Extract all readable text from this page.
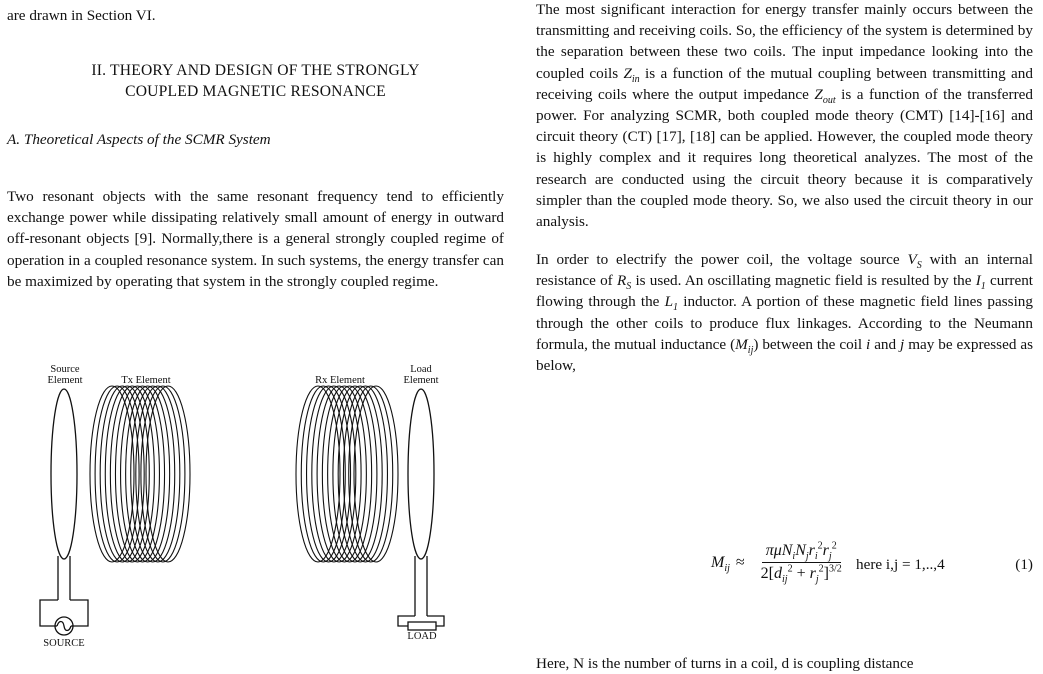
are drawn in Section VI.

II. THEORY AND DESIGN OF THE STRONGLY
COUPLED MAGNETIC RESONANCE
A. Theoretical Aspects of the SCMR System

Two resonant objects with the same resonant frequency tend to efficiently exchange power while dissipating relatively small amount of energy in outward off-resonant objects [9]. Normally,there is a general strongly coupled regime of operation in a coupled resonance system. In such systems, the energy transfer can be maximized by operating that system in the strongly coupled regime.

Source
Element	Tx Element	Rx Element
Load
Element
SOURCE
LOAD

The most significant interaction for energy transfer mainly occurs between the transmitting and receiving coils. So, the efficiency of the system is determined by the separation between these two coils. The input impedance looking into the coupled coils $Z_{in}$ is a function of the mutual coupling between transmitting and receiving coils where the output impedance $Z_{out}$ is a function of the transferred power. For analyzing SCMR, both coupled mode theory (CMT) [14]-[16] and circuit theory (CT) [17], [18] can be applied. However, the coupled mode theory is highly complex and it requires long theoretical analyzes. The most of the research are conducted using the circuit theory because it is comparatively simpler than the coupled mode theory. So, we also used the circuit theory in our analysis.

In order to electrify the power coil, the voltage source $V_S$ with an internal resistance of $R_S$ is used. An oscillating magnetic field is resulted by the $I_1$ current flowing through the $L_1$ inductor. A portion of these magnetic field lines passing through the other coils to produce flux linkages. According to the Neumann formula, the mutual inductance $(M_{ij})$ between the coil i and j may be expressed as below,

$M_{ij} \approx \frac{\pi\mu N_iN_jr_i^2r_j^2}{2[d_{ij}^2 + r_j^2]^{3/2}}$ here i,j = 1,..,4	(1)

Here, N is the number of turns in a coil, d is coupling distance
